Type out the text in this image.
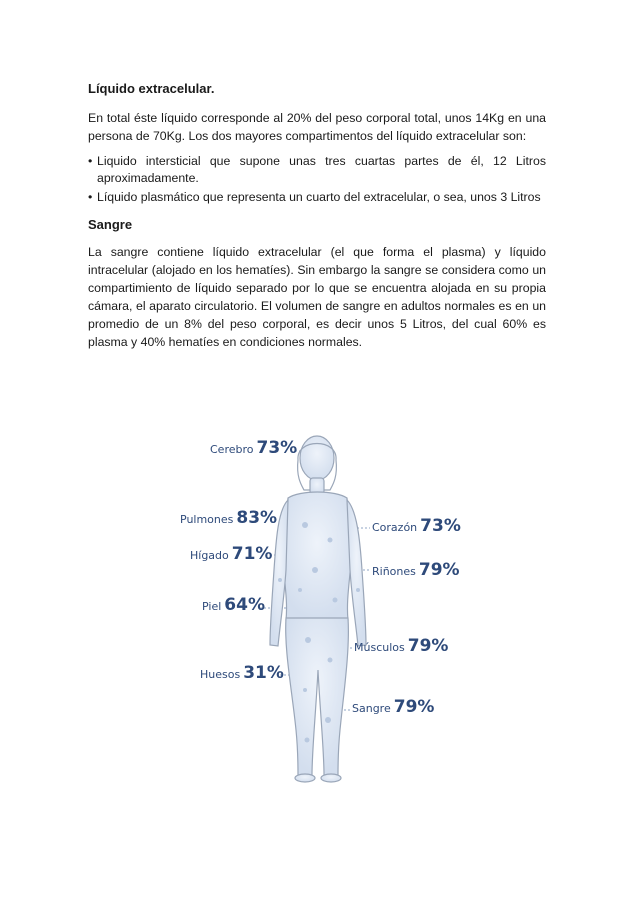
Líquido extracelular.

En total éste líquido corresponde al 20% del peso corporal total, unos 14Kg en una persona de 70Kg. Los dos mayores compartimentos del líquido extracelular son:

• Liquido intersticial que supone unas tres cuartas partes de él, 12 Litros aproximadamente.
• Líquido plasmático que representa un cuarto del extracelular, o sea, unos 3 Litros

Sangre

La sangre contiene líquido extracelular (el que forma el plasma) y líquido intracelular (alojado en los hematíes). Sin embargo la sangre se considera como un compartimiento de líquido separado por lo que se encuentra alojada en su propia cámara, el aparato circulatorio. El volumen de sangre en adultos normales es en un promedio de un 8% del peso corporal, es decir unos 5 Litros, del cual 60% es plasma y 40% hematíes en condiciones normales.

Cerebro 73%
Pulmones 83%
Hígado 71%
Piel 64%
Huesos 31%
Corazón 73%
Riñones 79%
Músculos 79%
Sangre 79%
